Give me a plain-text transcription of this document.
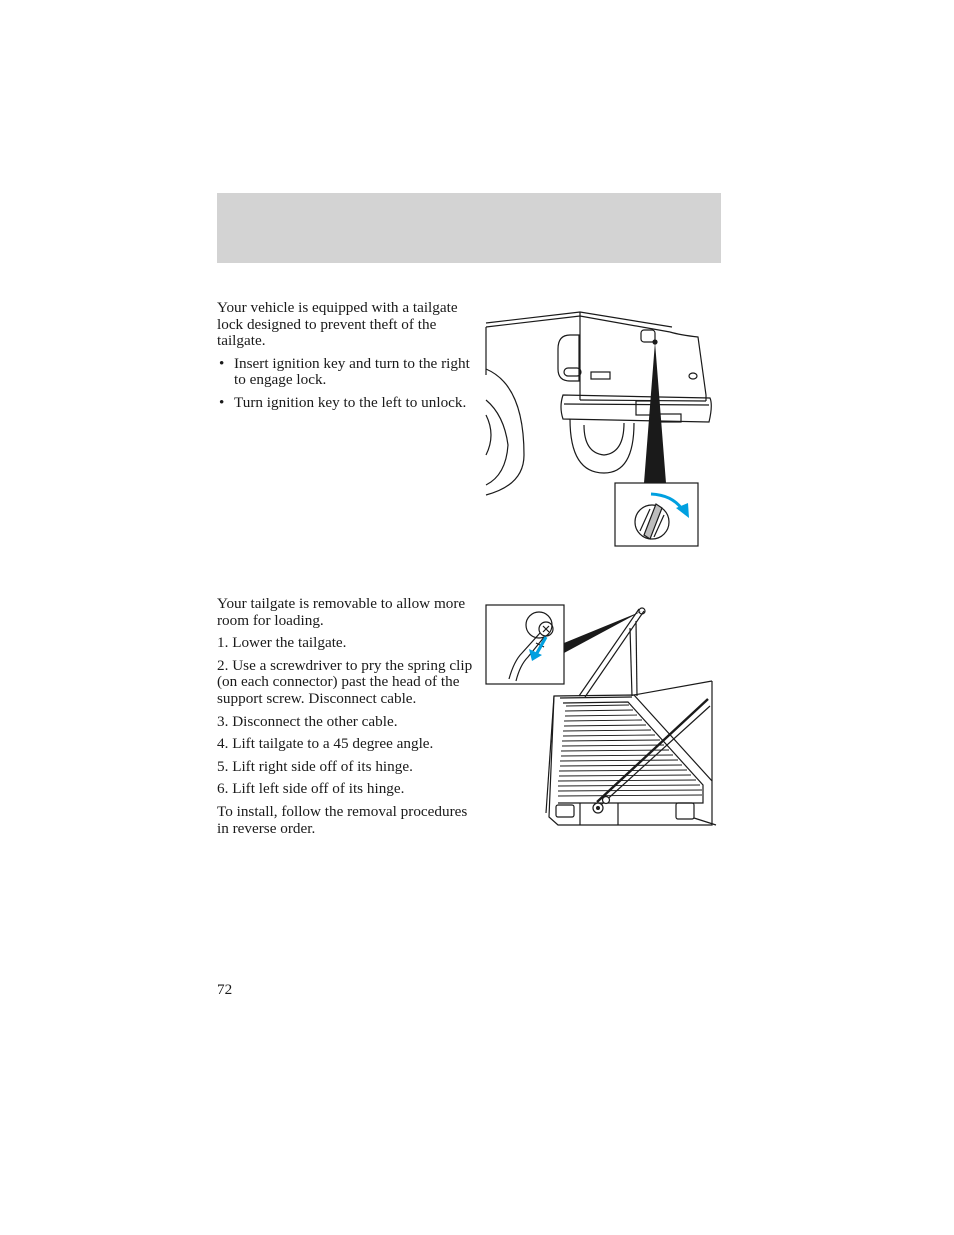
Your vehicle is equipped with a tailgate lock designed to prevent theft of the tailgate.

• Insert ignition key and turn to the right to engage lock.
• Turn ignition key to the left to unlock.

Your tailgate is removable to allow more room for loading.

1. Lower the tailgate.

2. Use a screwdriver to pry the spring clip (on each connector) past the head of the support screw. Disconnect cable.

3. Disconnect the other cable.

4. Lift tailgate to a 45 degree angle.

5. Lift right side off of its hinge.

6. Lift left side off of its hinge.

To install, follow the removal procedures in reverse order.

72
